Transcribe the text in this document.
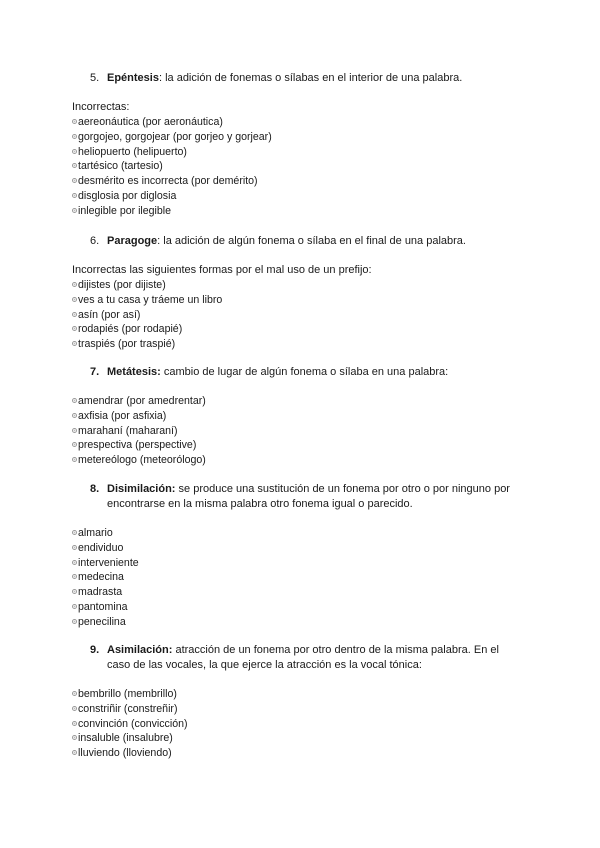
5. Epéntesis: la adición de fonemas o sílabas en el interior de una palabra.
Incorrectas:
aereonáutica (por aeronáutica)
gorgojeo, gorgojear (por gorjeo y gorjear)
heliopuerto (helipuerto)
tartésico (tartesio)
desmérito es incorrecta (por demérito)
disglosia por diglosia
inlegible por ilegible
6. Paragoge: la adición de algún fonema o sílaba en el final de una palabra.
Incorrectas las siguientes formas por el mal uso de un prefijo:
dijistes (por dijiste)
ves a tu casa y tráeme un libro
asín (por así)
rodapiés (por rodapié)
traspiés (por traspié)
7. Metátesis: cambio de lugar de algún fonema o sílaba en una palabra:
amendrar (por amedrentar)
axfisia (por asfixia)
marahaní (maharaní)
prespectiva (perspective)
metereólogo (meteorólogo)
8. Disimilación: se produce una sustitución de un fonema por otro o por ninguno por encontrarse en la misma palabra otro fonema igual o parecido.
almario
endividuo
interveniente
medecina
madrasta
pantomina
penecilina
9. Asimilación: atracción de un fonema por otro dentro de la misma palabra. En el caso de las vocales, la que ejerce la atracción es la vocal tónica:
bembrillo (membrillo)
constriñir (constreñir)
convinción (convicción)
insaluble (insalubre)
lluviendo (lloviendo)
